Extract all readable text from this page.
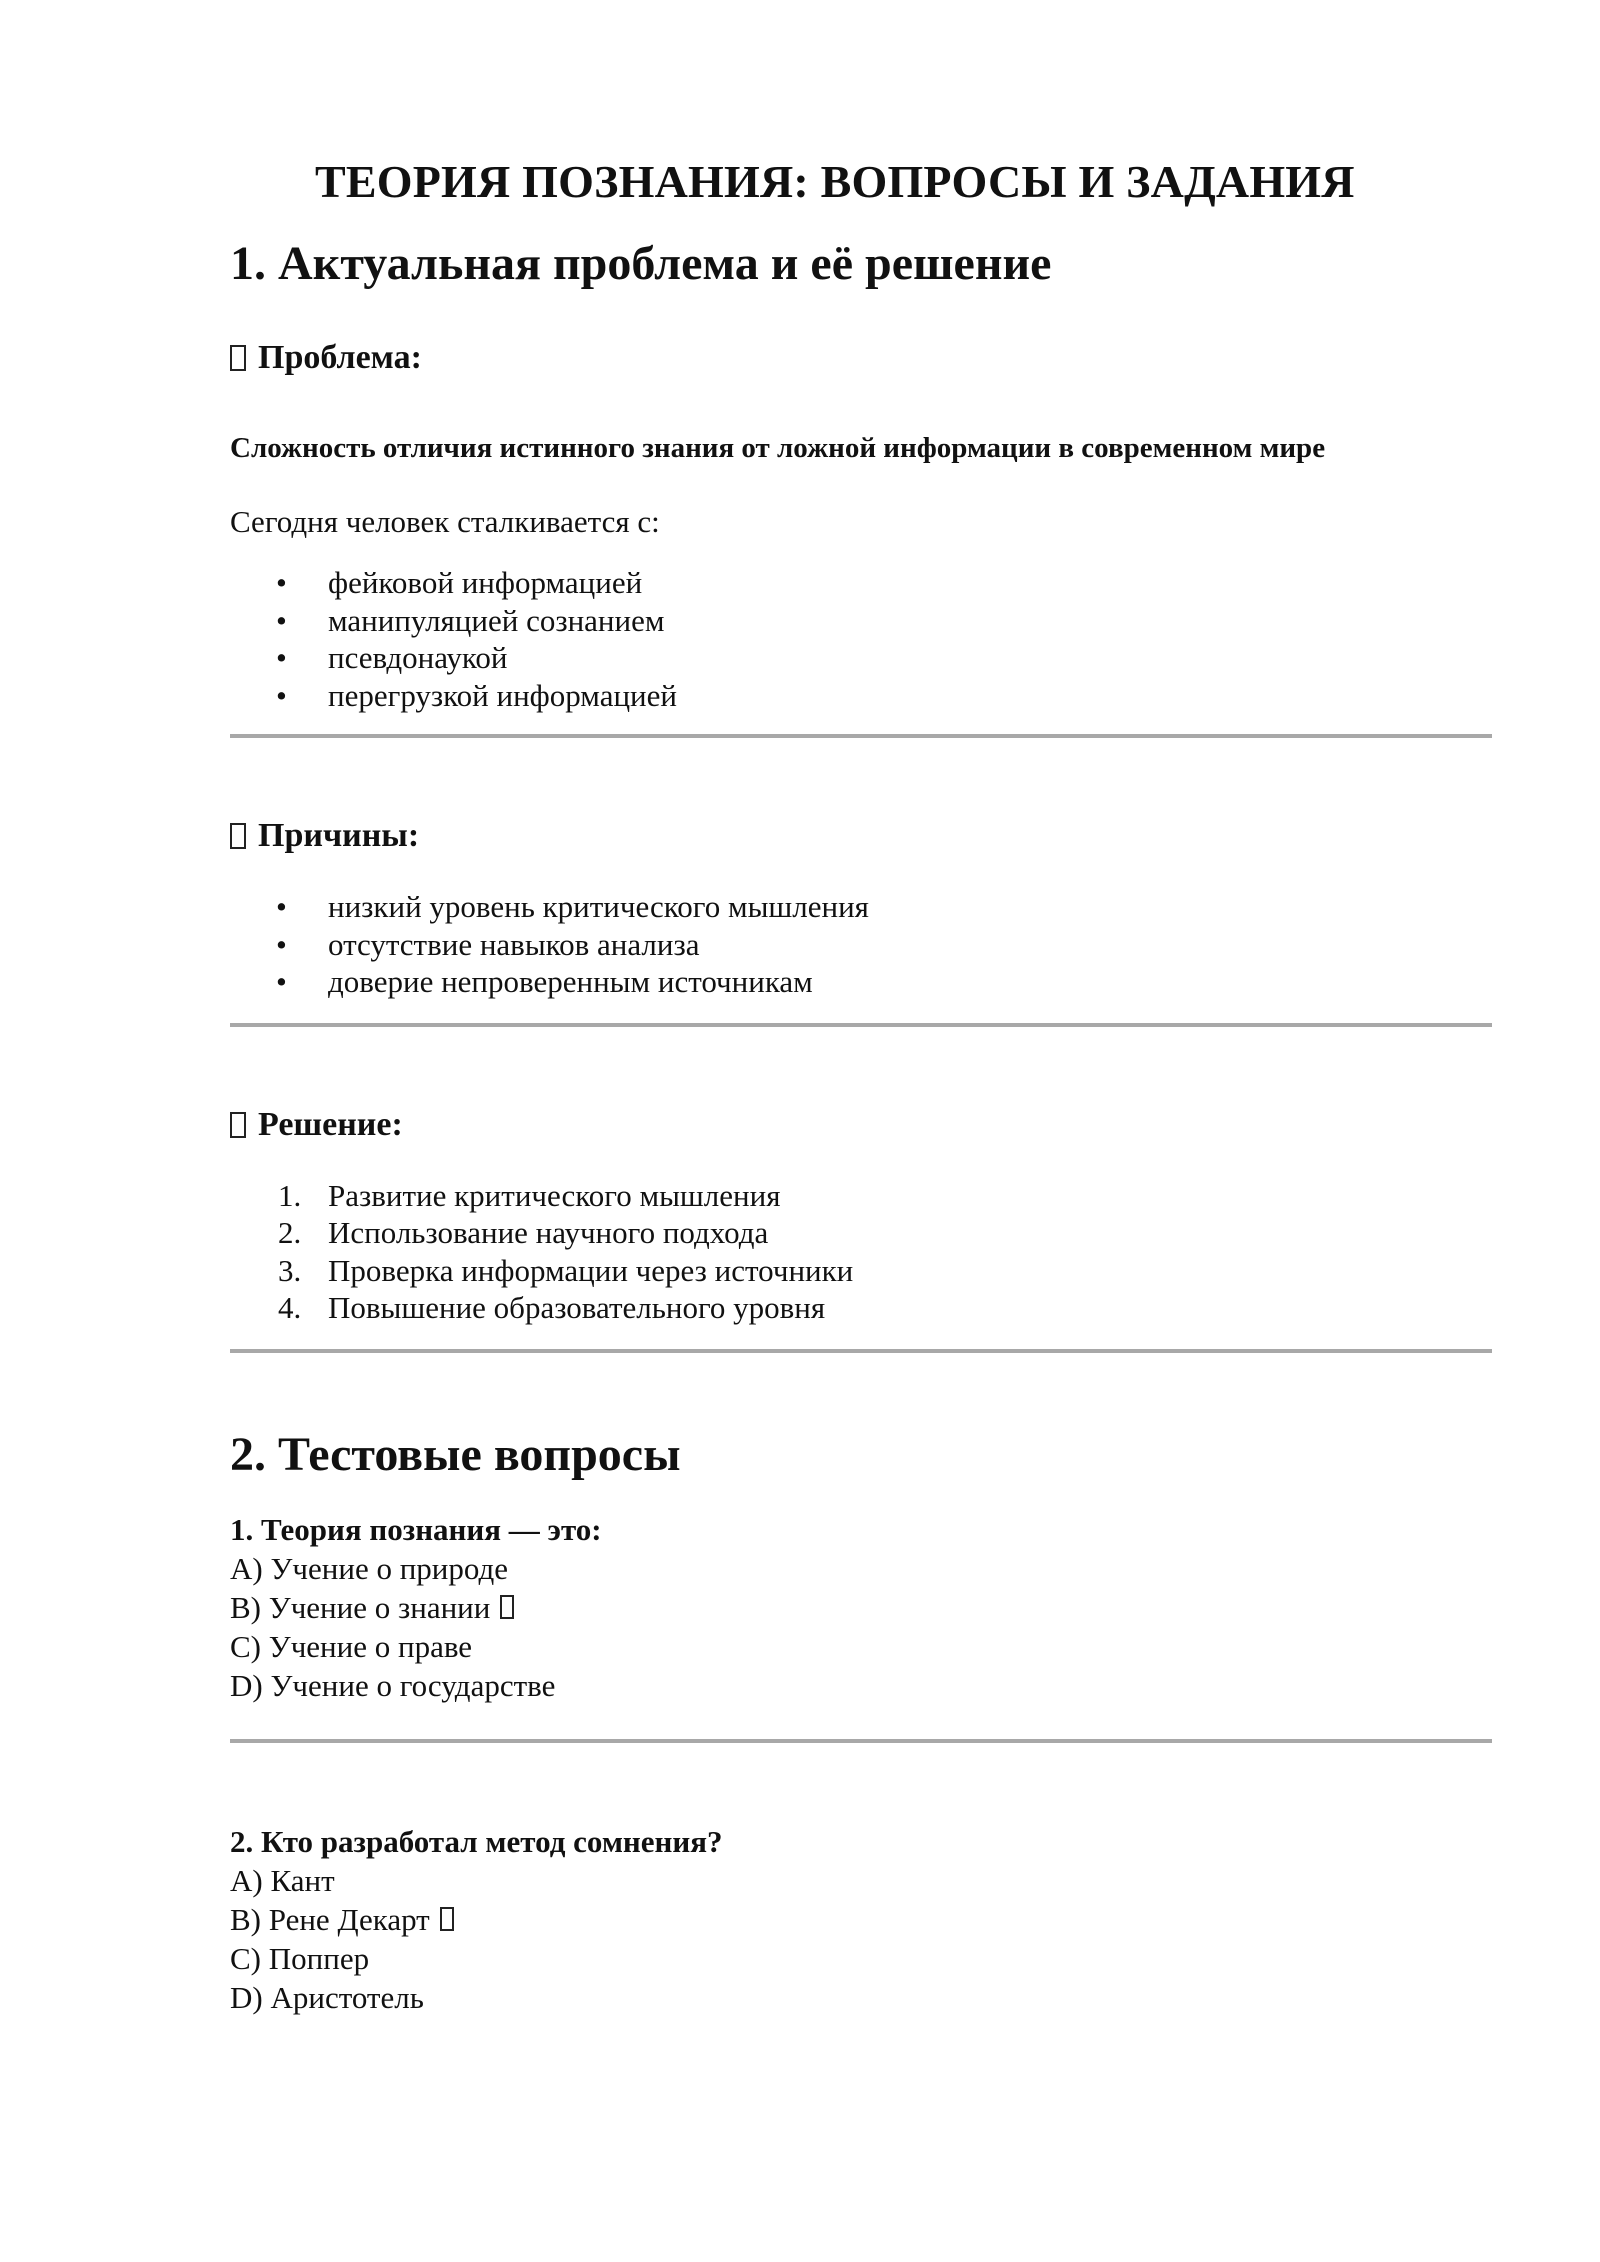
ТЕОРИЯ ПОЗНАНИЯ: ВОПРОСЫ И ЗАДАНИЯ
1. Актуальная проблема и её решение
Проблема:

Сложность отличия истинного знания от ложной информации в современном мире

Сегодня человек сталкивается с:

• фейковой информацией
• манипуляцией сознанием
• псевдонаукой
• перегрузкой информацией
Причины:
• низкий уровень критического мышления
• отсутствие навыков анализа
• доверие непроверенным источникам
Решение:
1. Развитие критического мышления
2. Использование научного подхода
3. Проверка информации через источники
4. Повышение образовательного уровня
2. Тестовые вопросы
1. Теория познания — это:
A) Учение о природе
B) Учение о знании
C) Учение о праве
D) Учение о государстве
2. Кто разработал метод сомнения?
A) Кант
B) Рене Декарт
C) Поппер
D) Аристотель
